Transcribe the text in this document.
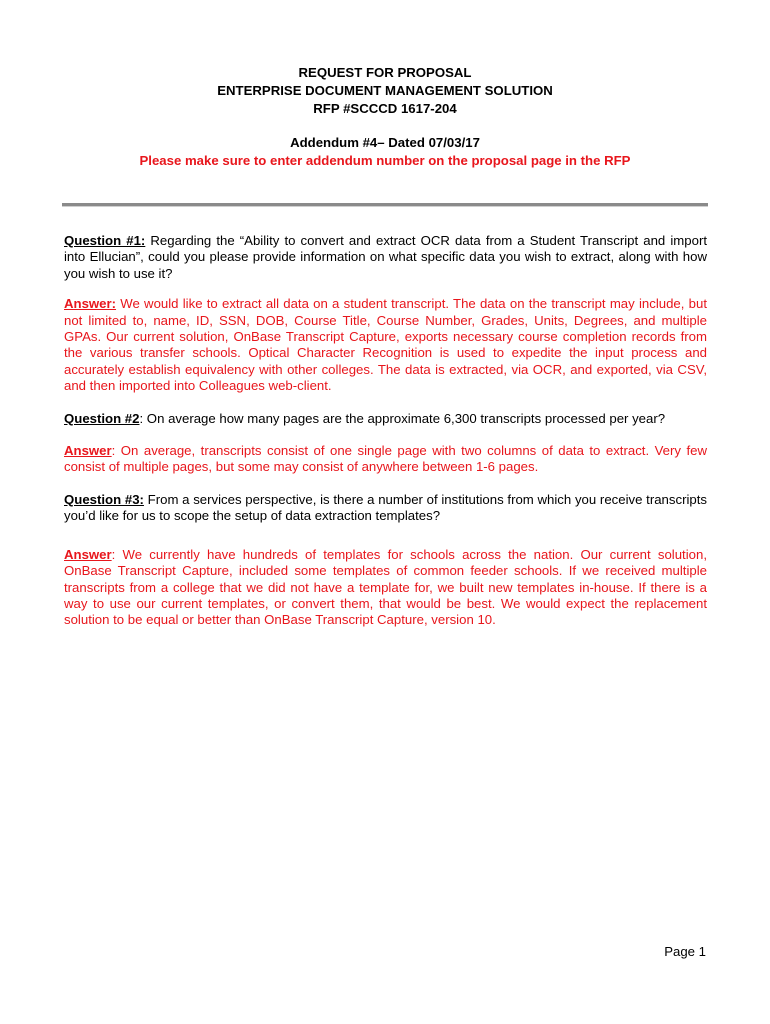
REQUEST FOR PROPOSAL
ENTERPRISE DOCUMENT MANAGEMENT SOLUTION
RFP #SCCCD 1617-204
Addendum #4– Dated 07/03/17
Please make sure to enter addendum number on the proposal page in the RFP

Question #1: Regarding the “Ability to convert and extract OCR data from a Student Transcript and import into Ellucian”, could you please provide information on what specific data you wish to extract, along with how you wish to use it?

Answer: We would like to extract all data on a student transcript. The data on the transcript may include, but not limited to, name, ID, SSN, DOB, Course Title, Course Number, Grades, Units, Degrees, and multiple GPAs. Our current solution, OnBase Transcript Capture, exports necessary course completion records from the various transfer schools. Optical Character Recognition is used to expedite the input process and accurately establish equivalency with other colleges. The data is extracted, via OCR, and exported, via CSV, and then imported into Colleagues web-client.

Question #2: On average how many pages are the approximate 6,300 transcripts processed per year?

Answer: On average, transcripts consist of one single page with two columns of data to extract. Very few consist of multiple pages, but some may consist of anywhere between 1-6 pages.

Question #3: From a services perspective, is there a number of institutions from which you receive transcripts you’d like for us to scope the setup of data extraction templates?

Answer: We currently have hundreds of templates for schools across the nation. Our current solution, OnBase Transcript Capture, included some templates of common feeder schools. If we received multiple transcripts from a college that we did not have a template for, we built new templates in-house. If there is a way to use our current templates, or convert them, that would be best. We would expect the replacement solution to be equal or better than OnBase Transcript Capture, version 10.

Page 1
